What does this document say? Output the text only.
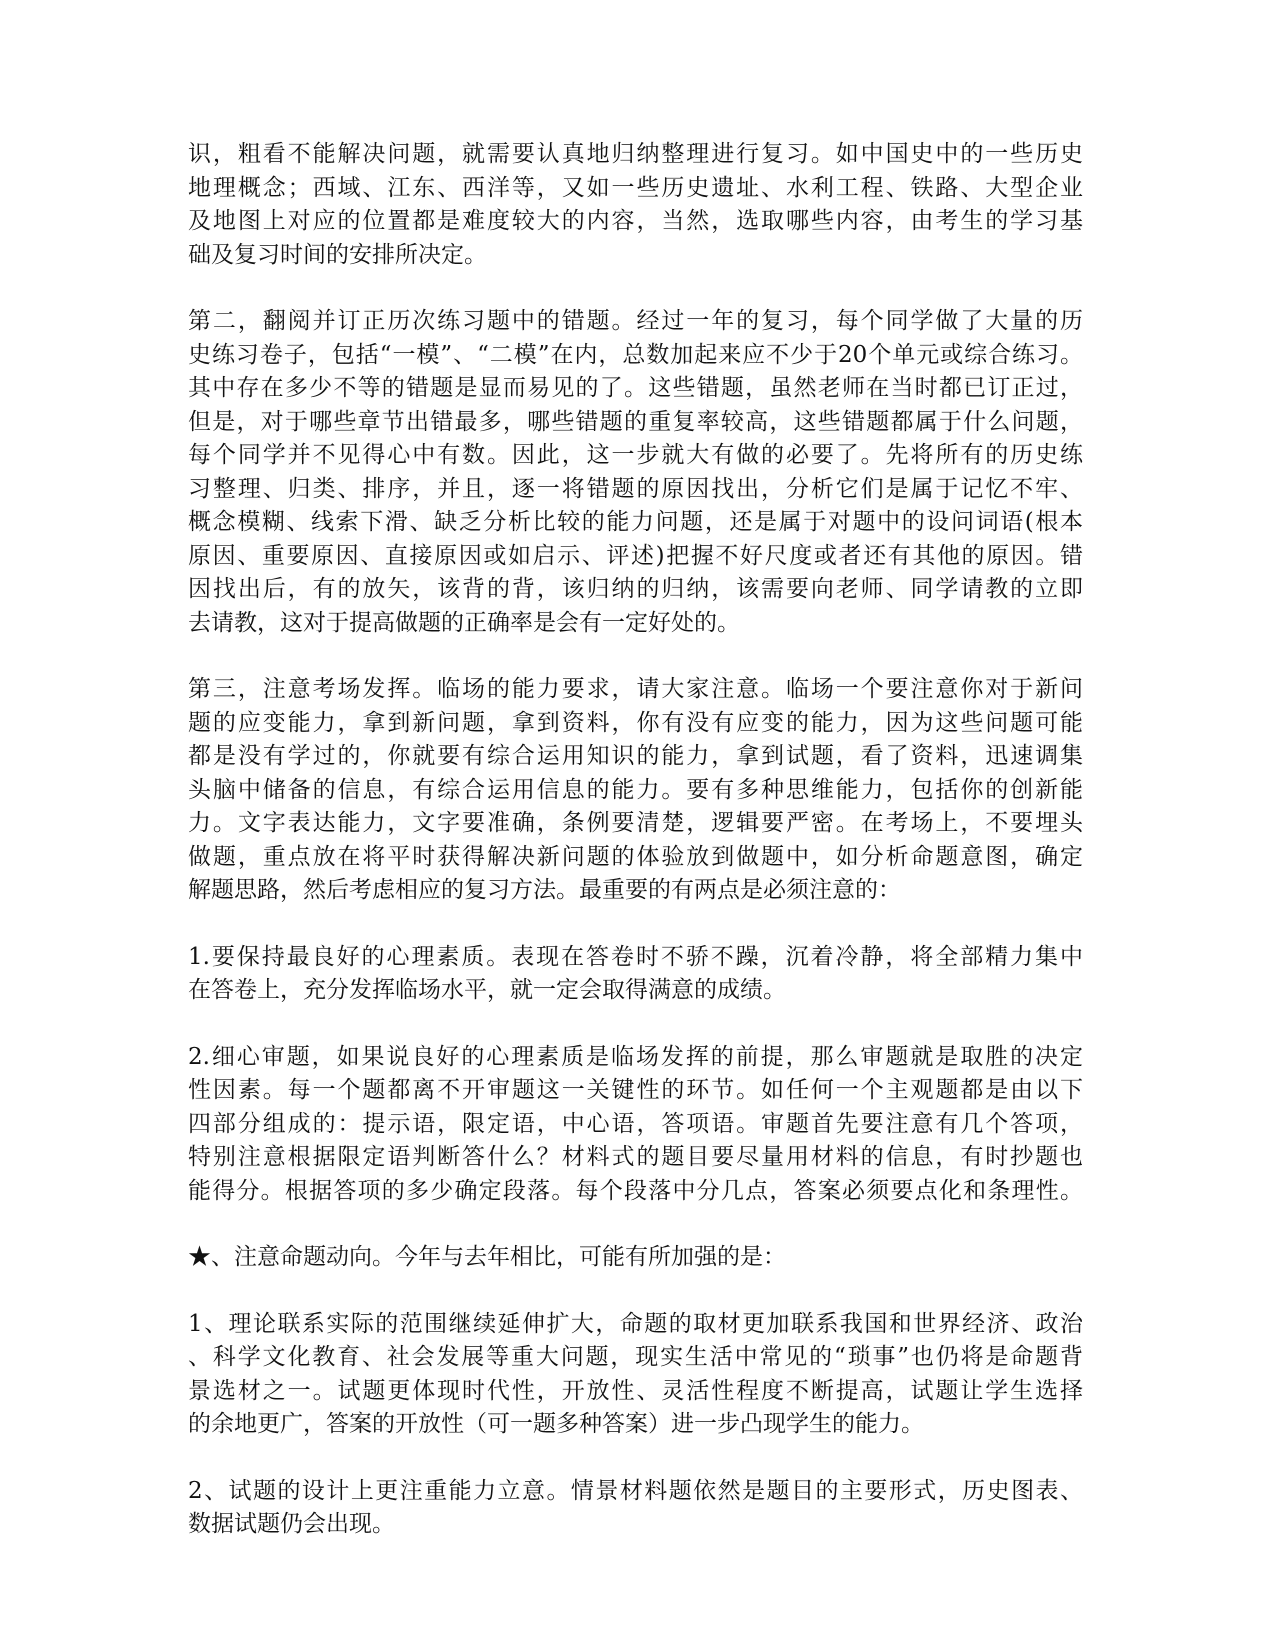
识，粗看不能解决问题，就需要认真地归纳整理进行复习。如中国史中的一些历史
地理概念；西域、江东、西洋等，又如一些历史遗址、水利工程、铁路、大型企业
及地图上对应的位置都是难度较大的内容，当然，选取哪些内容，由考生的学习基
础及复习时间的安排所决定。

第二，翻阅并订正历次练习题中的错题。经过一年的复习，每个同学做了大量的历
史练习卷子，包括“一模”、“二模”在内，总数加起来应不少于20个单元或综合练习。
其中存在多少不等的错题是显而易见的了。这些错题，虽然老师在当时都已订正过，
但是，对于哪些章节出错最多，哪些错题的重复率较高，这些错题都属于什么问题，
每个同学并不见得心中有数。因此，这一步就大有做的必要了。先将所有的历史练
习整理、归类、排序，并且，逐一将错题的原因找出，分析它们是属于记忆不牢、
概念模糊、线索下滑、缺乏分析比较的能力问题，还是属于对题中的设问词语(根本
原因、重要原因、直接原因或如启示、评述)把握不好尺度或者还有其他的原因。错
因找出后，有的放矢，该背的背，该归纳的归纳，该需要向老师、同学请教的立即
去请教，这对于提高做题的正确率是会有一定好处的。

第三，注意考场发挥。临场的能力要求，请大家注意。临场一个要注意你对于新问
题的应变能力，拿到新问题，拿到资料，你有没有应变的能力，因为这些问题可能
都是没有学过的，你就要有综合运用知识的能力，拿到试题，看了资料，迅速调集
头脑中储备的信息，有综合运用信息的能力。要有多种思维能力，包括你的创新能
力。文字表达能力，文字要准确，条例要清楚，逻辑要严密。在考场上，不要埋头
做题，重点放在将平时获得解决新问题的体验放到做题中，如分析命题意图，确定
解题思路，然后考虑相应的复习方法。最重要的有两点是必须注意的：

1.要保持最良好的心理素质。表现在答卷时不骄不躁，沉着冷静，将全部精力集中
在答卷上，充分发挥临场水平，就一定会取得满意的成绩。

2.细心审题，如果说良好的心理素质是临场发挥的前提，那么审题就是取胜的决定
性因素。每一个题都离不开审题这一关键性的环节。如任何一个主观题都是由以下
四部分组成的：提示语，限定语，中心语，答项语。审题首先要注意有几个答项，
特别注意根据限定语判断答什么？材料式的题目要尽量用材料的信息，有时抄题也
能得分。根据答项的多少确定段落。每个段落中分几点，答案必须要点化和条理性。

★、注意命题动向。今年与去年相比，可能有所加强的是：

1、理论联系实际的范围继续延伸扩大，命题的取材更加联系我国和世界经济、政治
、科学文化教育、社会发展等重大问题，现实生活中常见的“琐事”也仍将是命题背
景选材之一。试题更体现时代性，开放性、灵活性程度不断提高，试题让学生选择
的余地更广，答案的开放性（可一题多种答案）进一步凸现学生的能力。

2、试题的设计上更注重能力立意。情景材料题依然是题目的主要形式，历史图表、
数据试题仍会出现。
